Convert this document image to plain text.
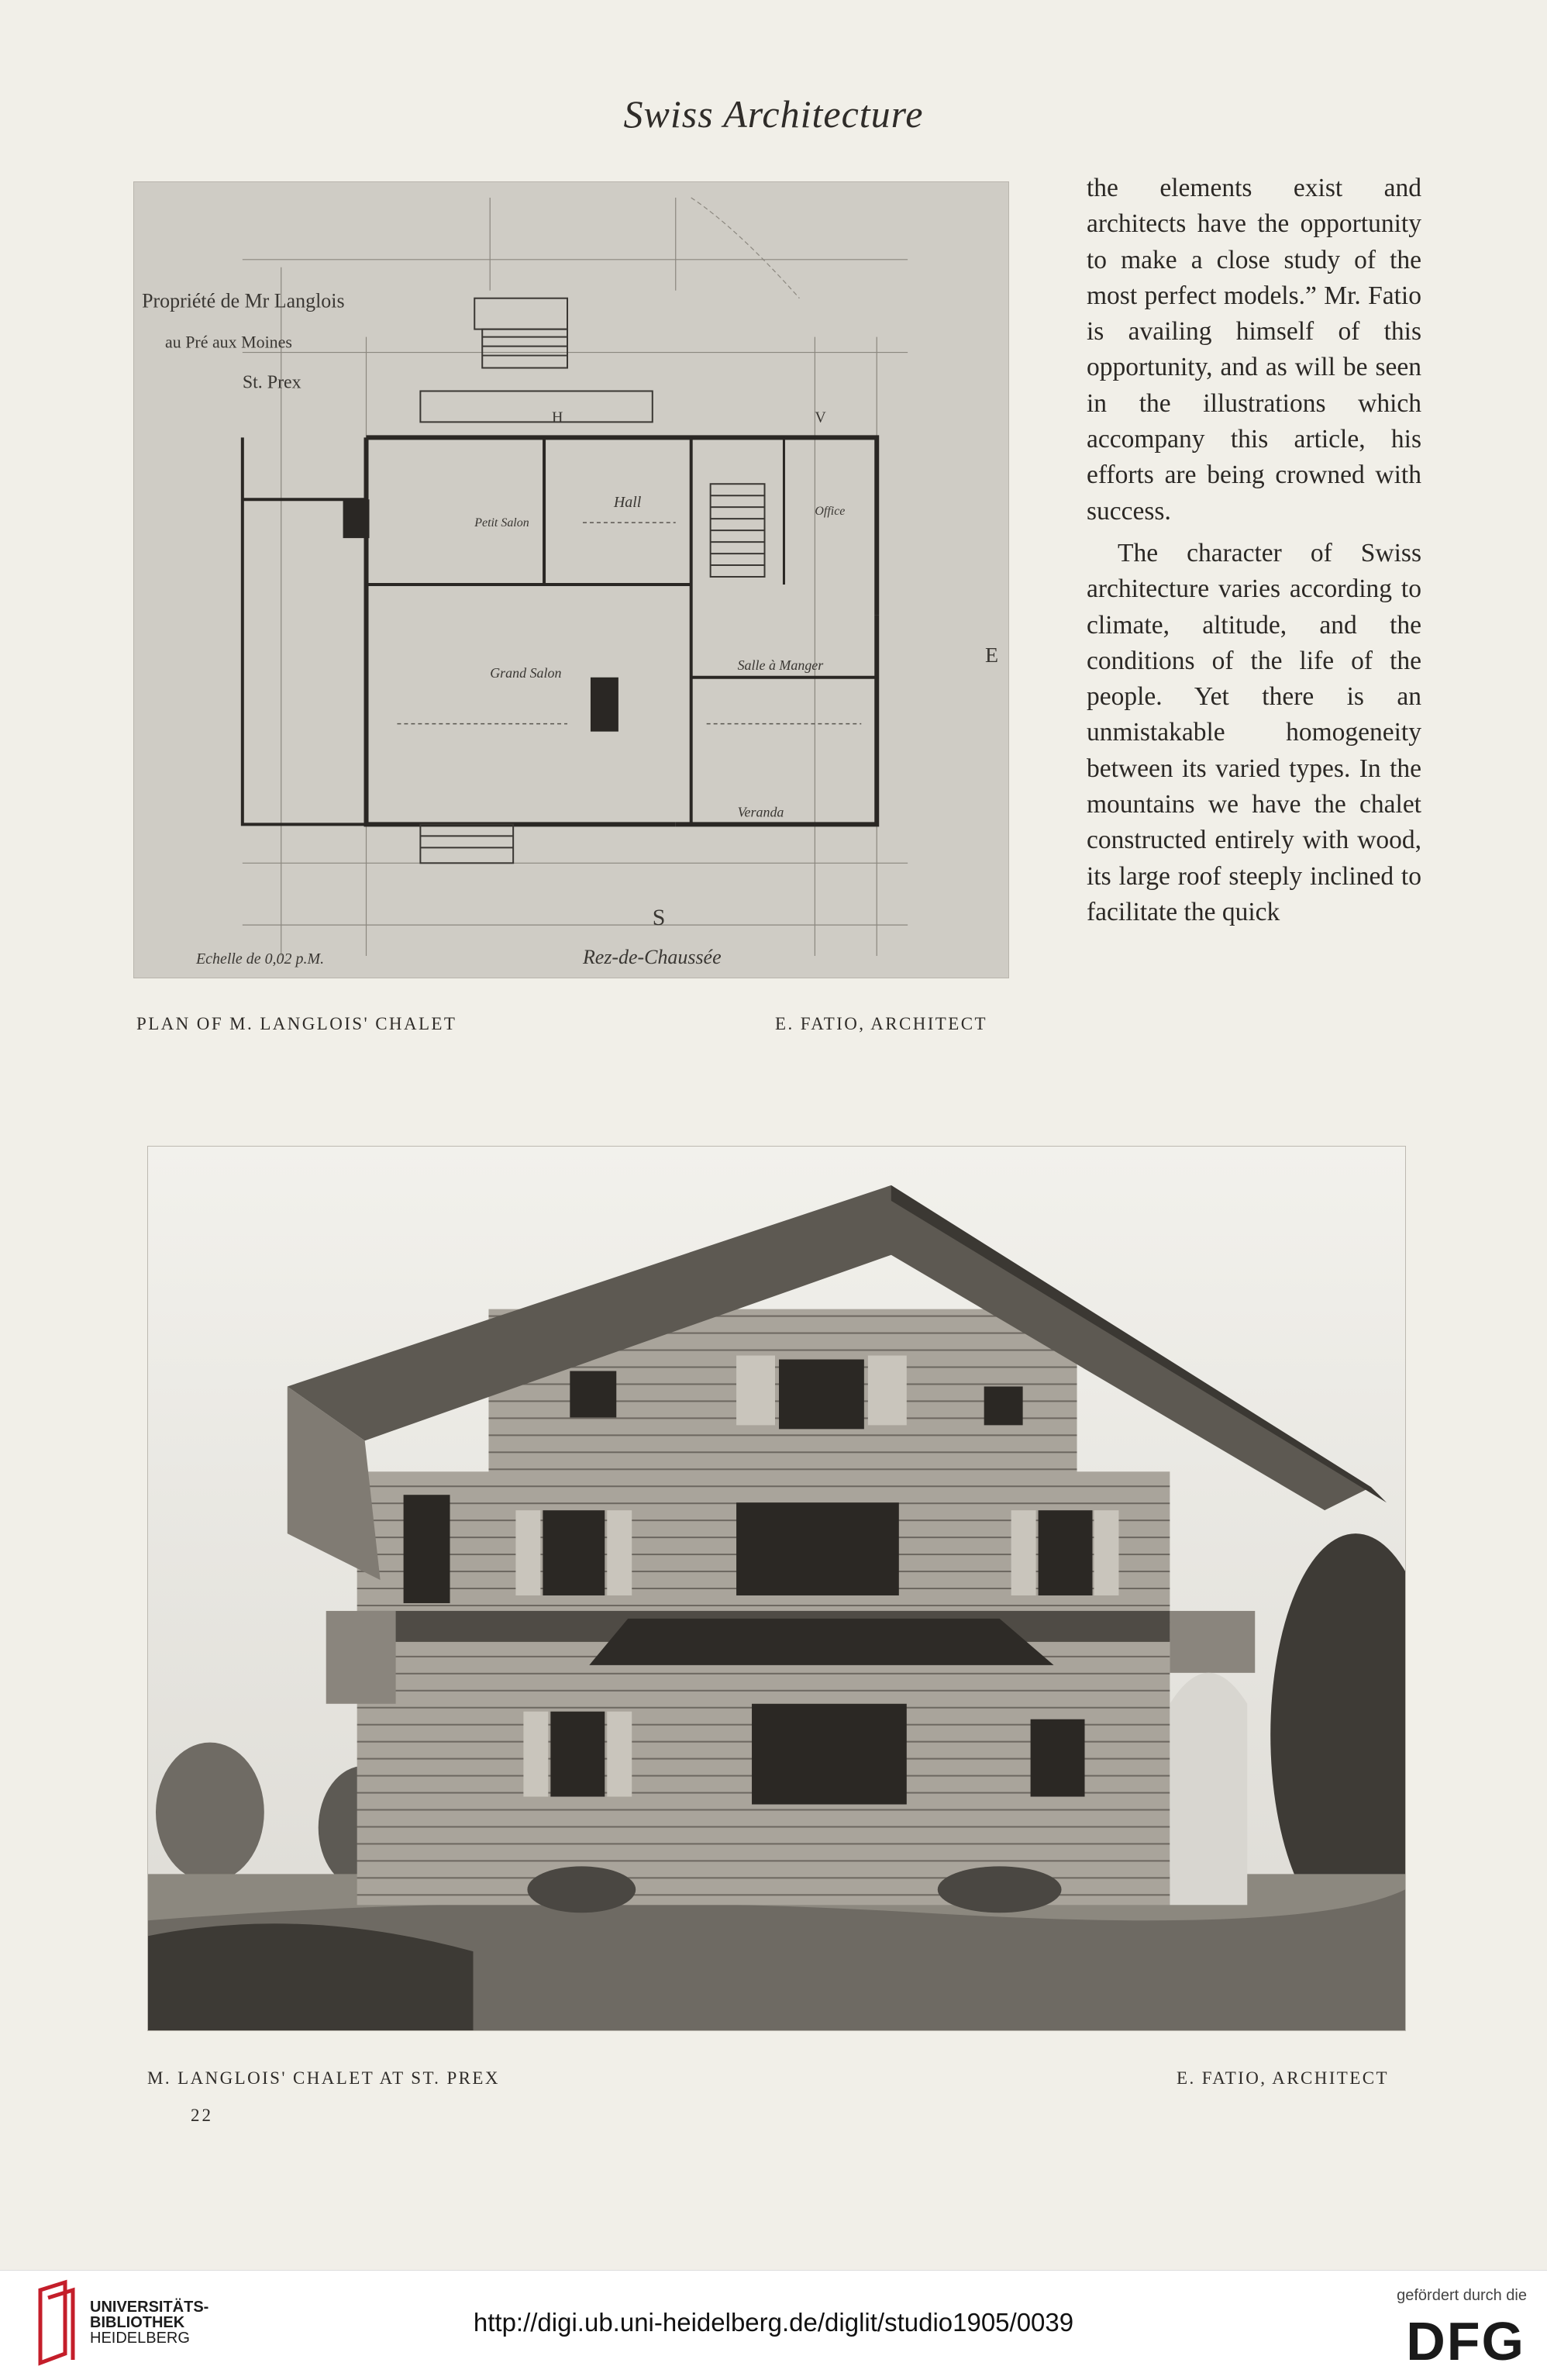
Swiss Architecture
Propriété de Mr Langlois
au Pré aux Moines
St. Prex
Petit Salon
Hall
Office
Grand Salon	Salle à Manger
Veranda
S
E
V
H
Echelle de 0,02 p.M.	Rez-de-Chaussée
PLAN OF M. LANGLOIS' CHALET	E. FATIO, ARCHITECT

the elements exist and architects have the opportunity to make a close study of the most perfect models.” Mr. Fatio is availing himself of this opportunity, and as will be seen in the illustrations which accompany this article, his efforts are being crowned with success.

The character of Swiss architecture varies according to climate, altitude, and the conditions of the life of the people. Yet there is an unmistakable homogeneity between its varied types. In the mountains we have the chalet constructed entirely with wood, its large roof steeply inclined to facilitate the quick

M. LANGLOIS' CHALET AT ST. PREX	E. FATIO, ARCHITECT
22
UNIVERSITÄTS-
BIBLIOTHEK
HEIDELBERG
http://digi.ub.uni-heidelberg.de/diglit/studio1905/0039
gefördert durch die
DFG
